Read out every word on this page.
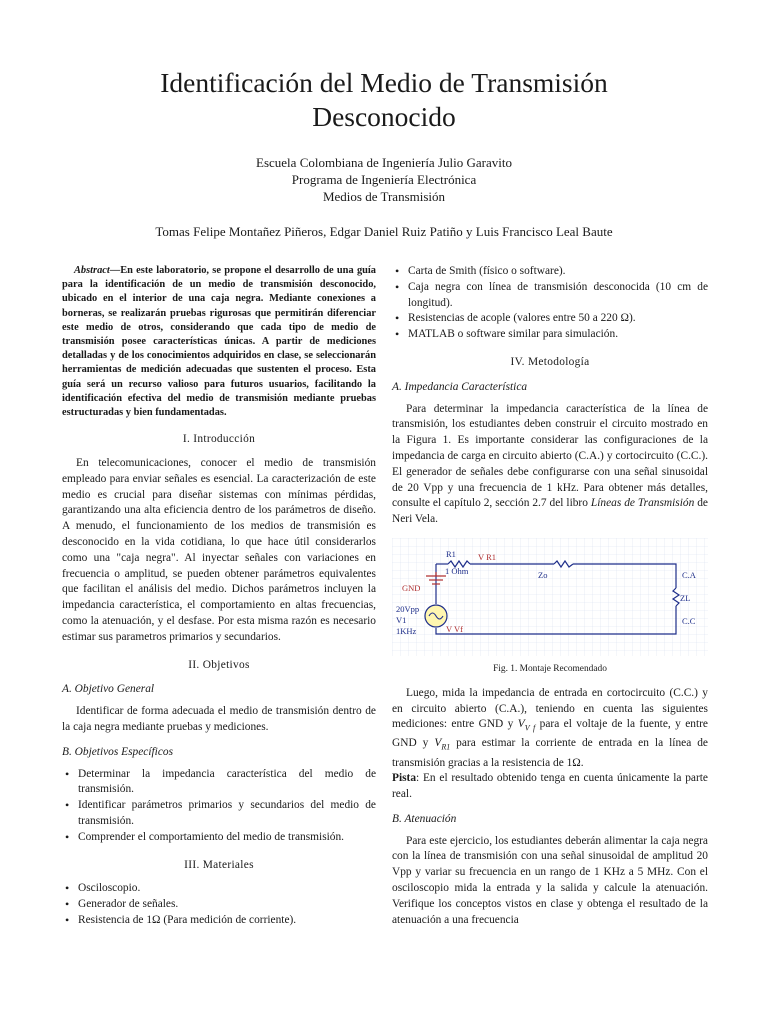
Identificación del Medio de Transmisión
Desconocido
Escuela Colombiana de Ingeniería Julio Garavito
Programa de Ingeniería Electrónica
Medios de Transmisión
Tomas Felipe Montañez Piñeros, Edgar Daniel Ruiz Patiño y Luis Francisco Leal Baute

Abstract—En este laboratorio, se propone el desarrollo de una guía para la identificación de un medio de transmisión desconocido, ubicado en el interior de una caja negra. Mediante conexiones a borneras, se realizarán pruebas rigurosas que permitirán diferenciar este medio de otros, considerando que cada tipo de medio de transmisión posee características únicas. A partir de mediciones detalladas y de los conocimientos adquiridos en clase, se seleccionarán herramientas de medición adecuadas que sustenten el proceso. Esta guía será un recurso valioso para futuros usuarios, facilitando la identificación efectiva del medio de transmisión mediante pruebas estructuradas y bien fundamentadas.

I. Introducción

En telecomunicaciones, conocer el medio de transmisión empleado para enviar señales es esencial. La caracterización de este medio es crucial para diseñar sistemas con mínimas pérdidas, garantizando una alta eficiencia dentro de los parámetros de diseño. A menudo, el funcionamiento de los medios de transmisión es desconocido en la vida cotidiana, lo que hace útil considerarlos como una "caja negra". Al inyectar señales con variaciones en frecuencia o amplitud, se pueden obtener parámetros equivalentes que facilitan el análisis del medio. Dichos parámetros incluyen la impedancia característica, el comportamiento en altas frecuencias, como la atenuación, y el desfase. Por esta misma razón es necesario estimar sus parametros primarios y secundarios.

II. Objetivos
A. Objetivo General

Identificar de forma adecuada el medio de transmisión dentro de la caja negra mediante pruebas y mediciones.

B. Objetivos Específicos
• Determinar la impedancia característica del medio de transmisión.
• Identificar parámetros primarios y secundarios del medio de transmisión.
• Comprender el comportamiento del medio de transmisión.
III. Materiales
• Osciloscopio.
• Generador de señales.
• Resistencia de 1Ω (Para medición de corriente).
• Carta de Smith (físico o software).
• Caja negra con línea de transmisión desconocida (10 cm de longitud).
• Resistencias de acople (valores entre 50 a 220 Ω).
• MATLAB o software similar para simulación.
IV. Metodología
A. Impedancia Característica

Para determinar la impedancia característica de la línea de transmisión, los estudiantes deben construir el circuito mostrado en la Figura 1. Es importante considerar las configuraciones de la impedancia de carga en circuito abierto (C.A.) y cortocircuito (C.C.). El generador de señales debe configurarse con una señal sinusoidal de 20 Vpp y una frecuencia de 1 kHz. Para obtener más detalles, consulte el capítulo 2, sección 2.7 del libro Líneas de Transmisión de Neri Vela.

R1
1 Ohm
V R1
Zo
GND
20Vpp
V1
1KHz	V Vf
C.A
ZL
C.C
Fig. 1. Montaje Recomendado

Luego, mida la impedancia de entrada en cortocircuito (C.C.) y en circuito abierto (C.A.), teniendo en cuenta las siguientes mediciones: entre GND y $V_{V f}$ para el voltaje de la fuente, y entre GND y $V_{R1}$ para estimar la corriente de entrada en la línea de transmisión gracias a la resistencia de 1Ω.

Pista: En el resultado obtenido tenga en cuenta únicamente la parte real.

B. Atenuación

Para este ejercicio, los estudiantes deberán alimentar la caja negra con la línea de transmisión con una señal sinusoidal de amplitud 20 Vpp y variar su frecuencia en un rango de 1 KHz a 5 MHz. Con el osciloscopio mida la entrada y la salida y calcule la atenuación. Verifique los conceptos vistos en clase y obtenga el resultado de la atenuación a una frecuencia
